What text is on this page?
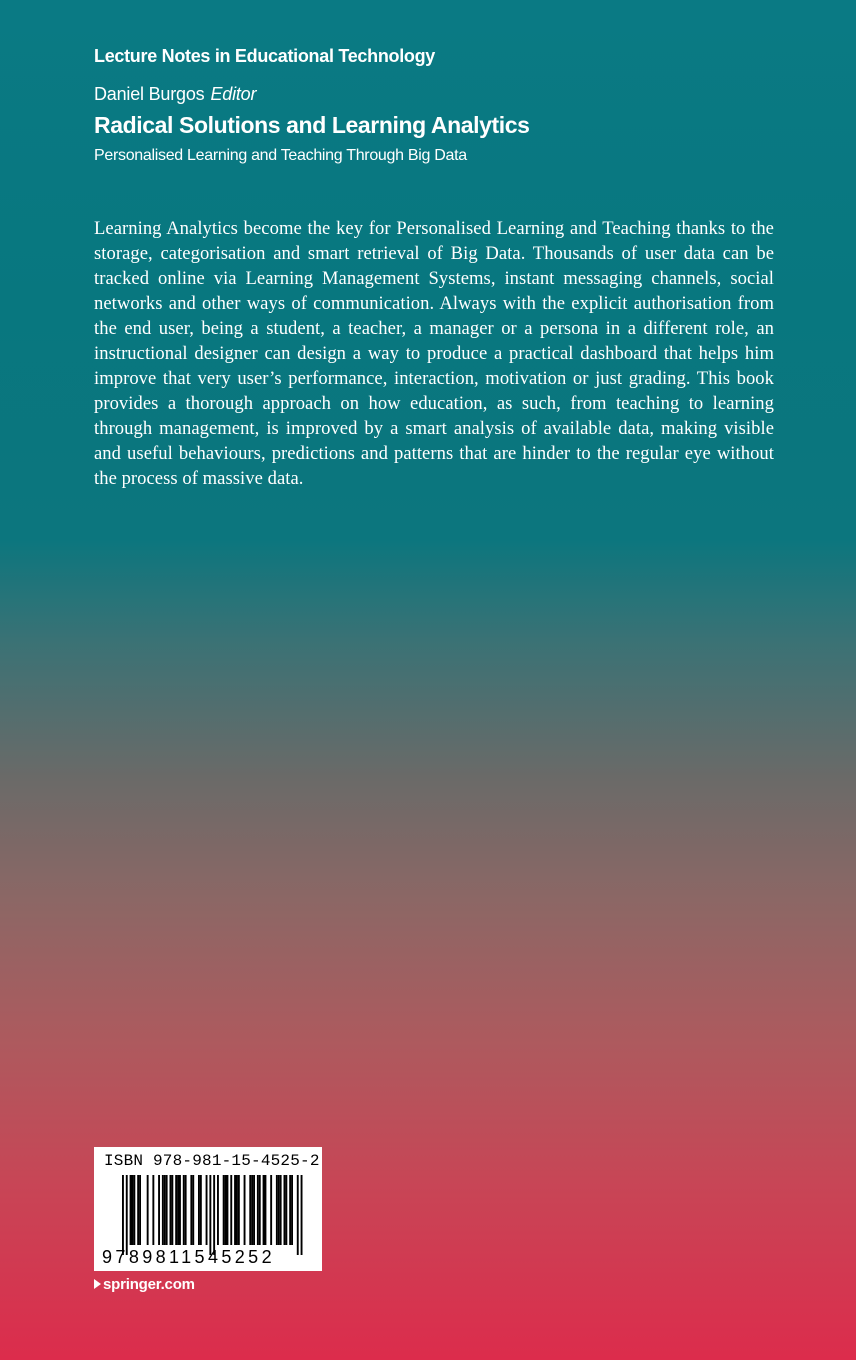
Lecture Notes in Educational Technology
Daniel Burgos Editor
Radical Solutions and Learning Analytics
Personalised Learning and Teaching Through Big Data

Learning Analytics become the key for Personalised Learning and Teaching thanks to the storage, categorisation and smart retrieval of Big Data. Thousands of user data can be tracked online via Learning Management Systems, instant messaging channels, social networks and other ways of communication. Always with the explicit authorisation from the end user, being a student, a teacher, a manager or a persona in a different role, an instructional designer can design a way to produce a practical dashboard that helps him improve that very user’s performance, interaction, motivation or just grading. This book provides a thorough approach on how education, as such, from teaching to learning through management, is improved by a smart analysis of available data, making visible and useful behaviours, predictions and patterns that are hinder to the regular eye without the process of massive data.

ISBN 978-981-15-4525-2
9789811545252
springer.com
